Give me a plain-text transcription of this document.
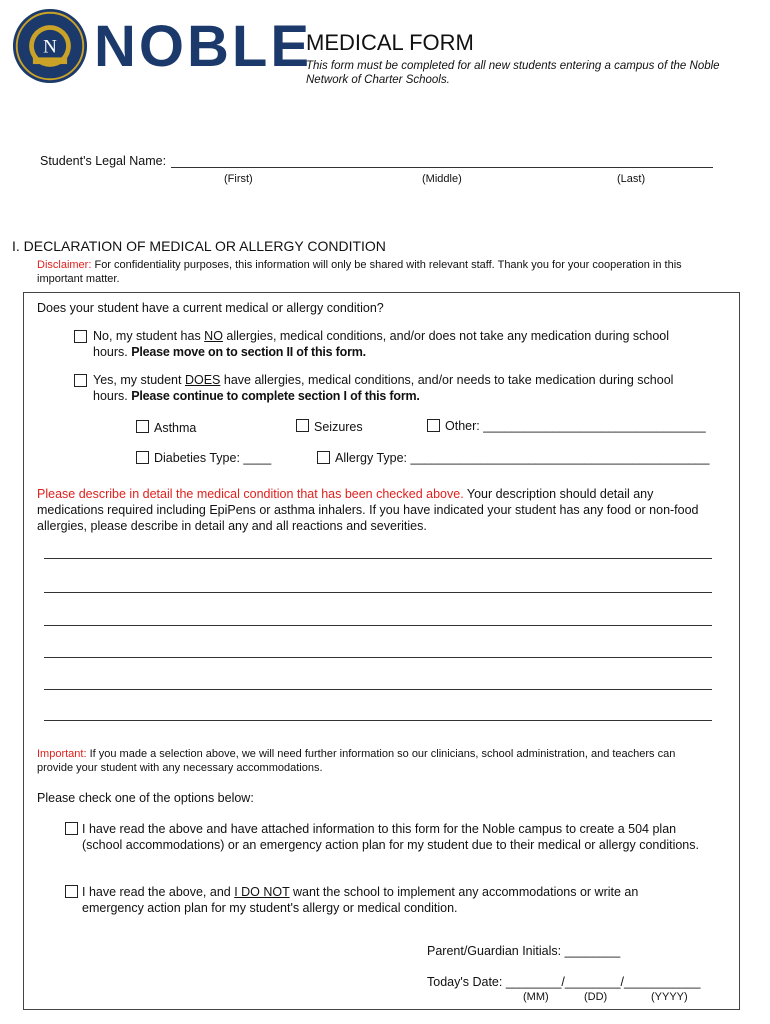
N NOBLE
MEDICAL FORM
This form must be completed for all new students entering a campus of the Noble Network of Charter Schools.
Student's Legal Name:
(First)	(Middle)	(Last)
I. DECLARATION OF MEDICAL OR ALLERGY CONDITION
Disclaimer: For confidentiality purposes, this information will only be shared with relevant staff. Thank you for your cooperation in this important matter.
Does your student have a current medical or allergy condition?
No, my student has NO allergies, medical conditions, and/or does not take any medication during school
hours. Please move on to section II of this form.
Yes, my student DOES have allergies, medical conditions, and/or needs to take medication during school
hours. Please continue to complete section I of this form.
Asthma	Seizures	Other: ________________________________
Diabeties Type: ____	Allergy Type: ___________________________________________
Please describe in detail the medical condition that has been checked above. Your description should detail any medications required including EpiPens or asthma inhalers. If you have indicated your student has any food or non-food allergies, please describe in detail any and all reactions and severities.
Important: If you made a selection above, we will need further information so our clinicians, school administration, and teachers can provide your student with any necessary accommodations.
Please check one of the options below:
I have read the above and have attached information to this form for the Noble campus to create a 504 plan
(school accommodations) or an emergency action plan for my student due to their medical or allergy conditions.
I have read the above, and I DO NOT want the school to implement any accommodations or write an
emergency action plan for my student's allergy or medical condition.
Parent/Guardian Initials: ________
Today's Date: ________/________/___________
(MM)	(DD)	(YYYY)
